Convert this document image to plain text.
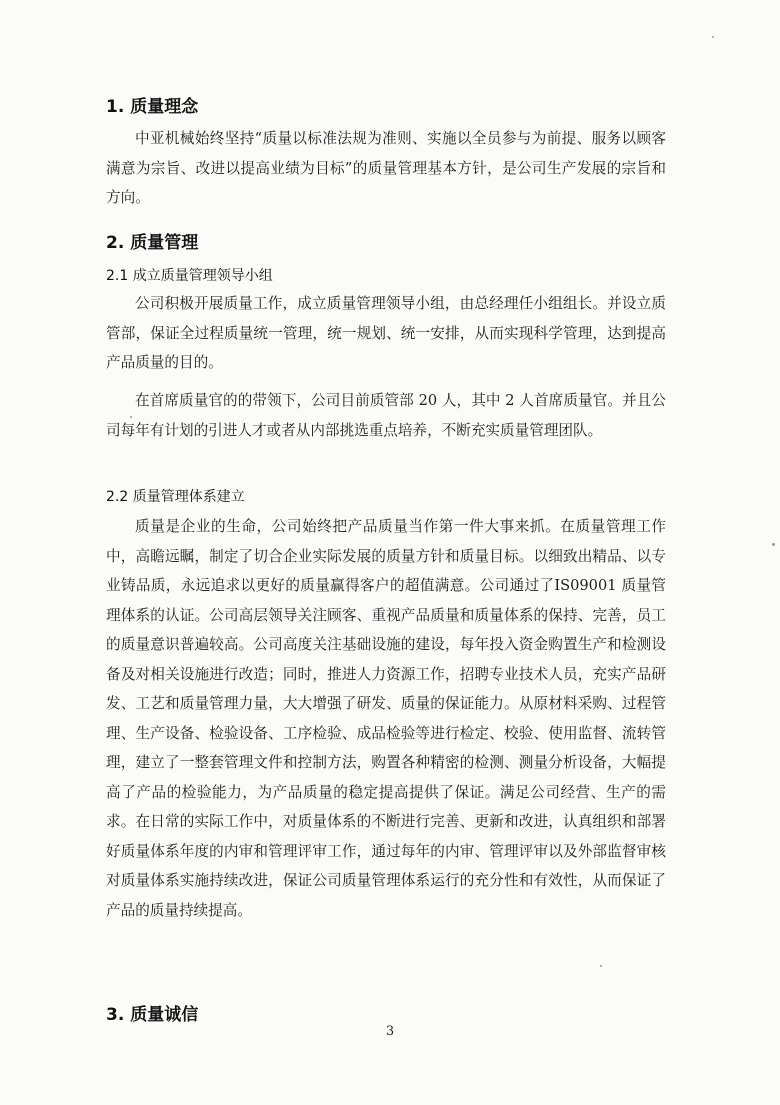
1. 质量理念

中亚机械始终坚持“质量以标准法规为准则、实施以全员参与为前提、服务以顾客满意为宗旨、改进以提高业绩为目标”的质量管理基本方针，是公司生产发展的宗旨和方向。

2. 质量管理
2.1 成立质量管理领导小组

公司积极开展质量工作，成立质量管理领导小组，由总经理任小组组长。并设立质管部，保证全过程质量统一管理，统一规划、统一安排，从而实现科学管理，达到提高产品质量的目的。

在首席质量官的的带领下，公司目前质管部 20 人，其中 2 人首席质量官。并且公司每年有计划的引进人才或者从内部挑选重点培养，不断充实质量管理团队。

2.2 质量管理体系建立

质量是企业的生命，公司始终把产品质量当作第一件大事来抓。在质量管理工作中，高瞻远瞩，制定了切合企业实际发展的质量方针和质量目标。以细致出精品、以专业铸品质，永远追求以更好的质量赢得客户的超值满意。公司通过了IS09001 质量管理体系的认证。公司高层领导关注顾客、重视产品质量和质量体系的保持、完善，员工的质量意识普遍较高。公司高度关注基础设施的建设，每年投入资金购置生产和检测设备及对相关设施进行改造；同时，推进人力资源工作，招聘专业技术人员，充实产品研发、工艺和质量管理力量，大大增强了研发、质量的保证能力。从原材料采购、过程管理、生产设备、检验设备、工序检验、成品检验等进行检定、校验、使用监督、流转管理，建立了一整套管理文件和控制方法，购置各种精密的检测、测量分析设备，大幅提高了产品的检验能力，为产品质量的稳定提高提供了保证。满足公司经营、生产的需求。在日常的实际工作中，对质量体系的不断进行完善、更新和改进，认真组织和部署好质量体系年度的内审和管理评审工作，通过每年的内审、管理评审以及外部监督审核对质量体系实施持续改进，保证公司质量管理体系运行的充分性和有效性，从而保证了产品的质量持续提高。

3. 质量诚信
3
